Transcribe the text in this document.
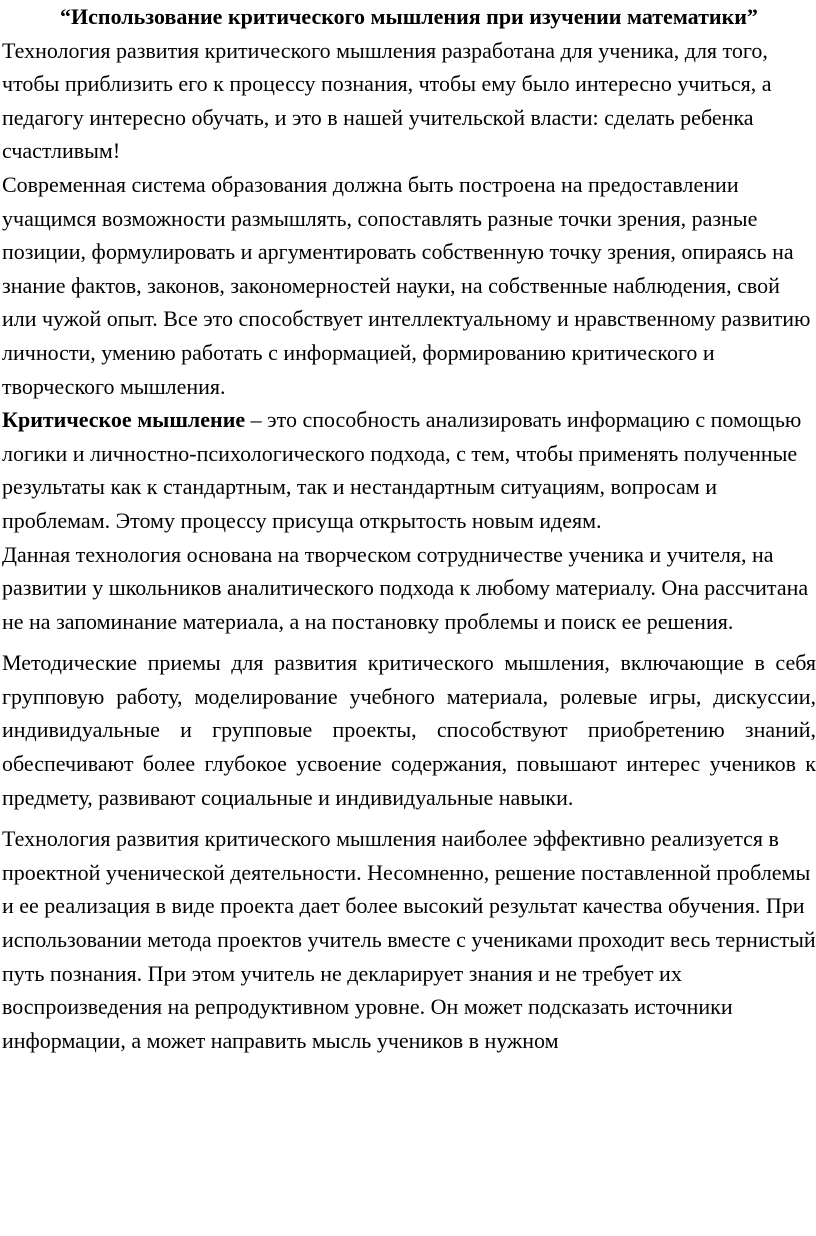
“Использование критического мышления при изучении математики”

Технология развития критического мышления разработана для ученика, для того, чтобы приблизить его к процессу познания, чтобы ему было интересно учиться, а педагогу интересно обучать, и это в нашей учительской власти: сделать ребенка счастливым!

Современная система образования должна быть построена на предоставлении учащимся возможности размышлять, сопоставлять разные точки зрения, разные позиции, формулировать и аргументировать собственную точку зрения, опираясь на знание фактов, законов, закономерностей науки, на собственные наблюдения, свой или чужой опыт. Все это способствует интеллектуальному и нравственному развитию личности, умению работать с информацией, формированию критического и творческого мышления.

Критическое мышление – это способность анализировать информацию с помощью логики и личностно-психологического подхода, с тем, чтобы применять полученные результаты как к стандартным, так и нестандартным ситуациям, вопросам и проблемам. Этому процессу присуща открытость новым идеям.

Данная технология основана на творческом сотрудничестве ученика и учителя, на развитии у школьников аналитического подхода к любому материалу. Она рассчитана не на запоминание материала, а на постановку проблемы и поиск ее решения.

Методические приемы для развития критического мышления, включающие в себя групповую работу, моделирование учебного материала, ролевые игры, дискуссии, индивидуальные и групповые проекты, способствуют приобретению знаний, обеспечивают более глубокое усвоение содержания, повышают интерес учеников к предмету, развивают социальные и индивидуальные навыки.

Технология развития критического мышления наиболее эффективно реализуется в проектной ученической деятельности. Несомненно, решение поставленной проблемы и ее реализация в виде проекта дает более высокий результат качества обучения. При использовании метода проектов учитель вместе с учениками проходит весь тернистый путь познания. При этом учитель не декларирует знания и не требует их воспроизведения на репродуктивном уровне. Он может подсказать источники информации, а может направить мысль учеников в нужном
